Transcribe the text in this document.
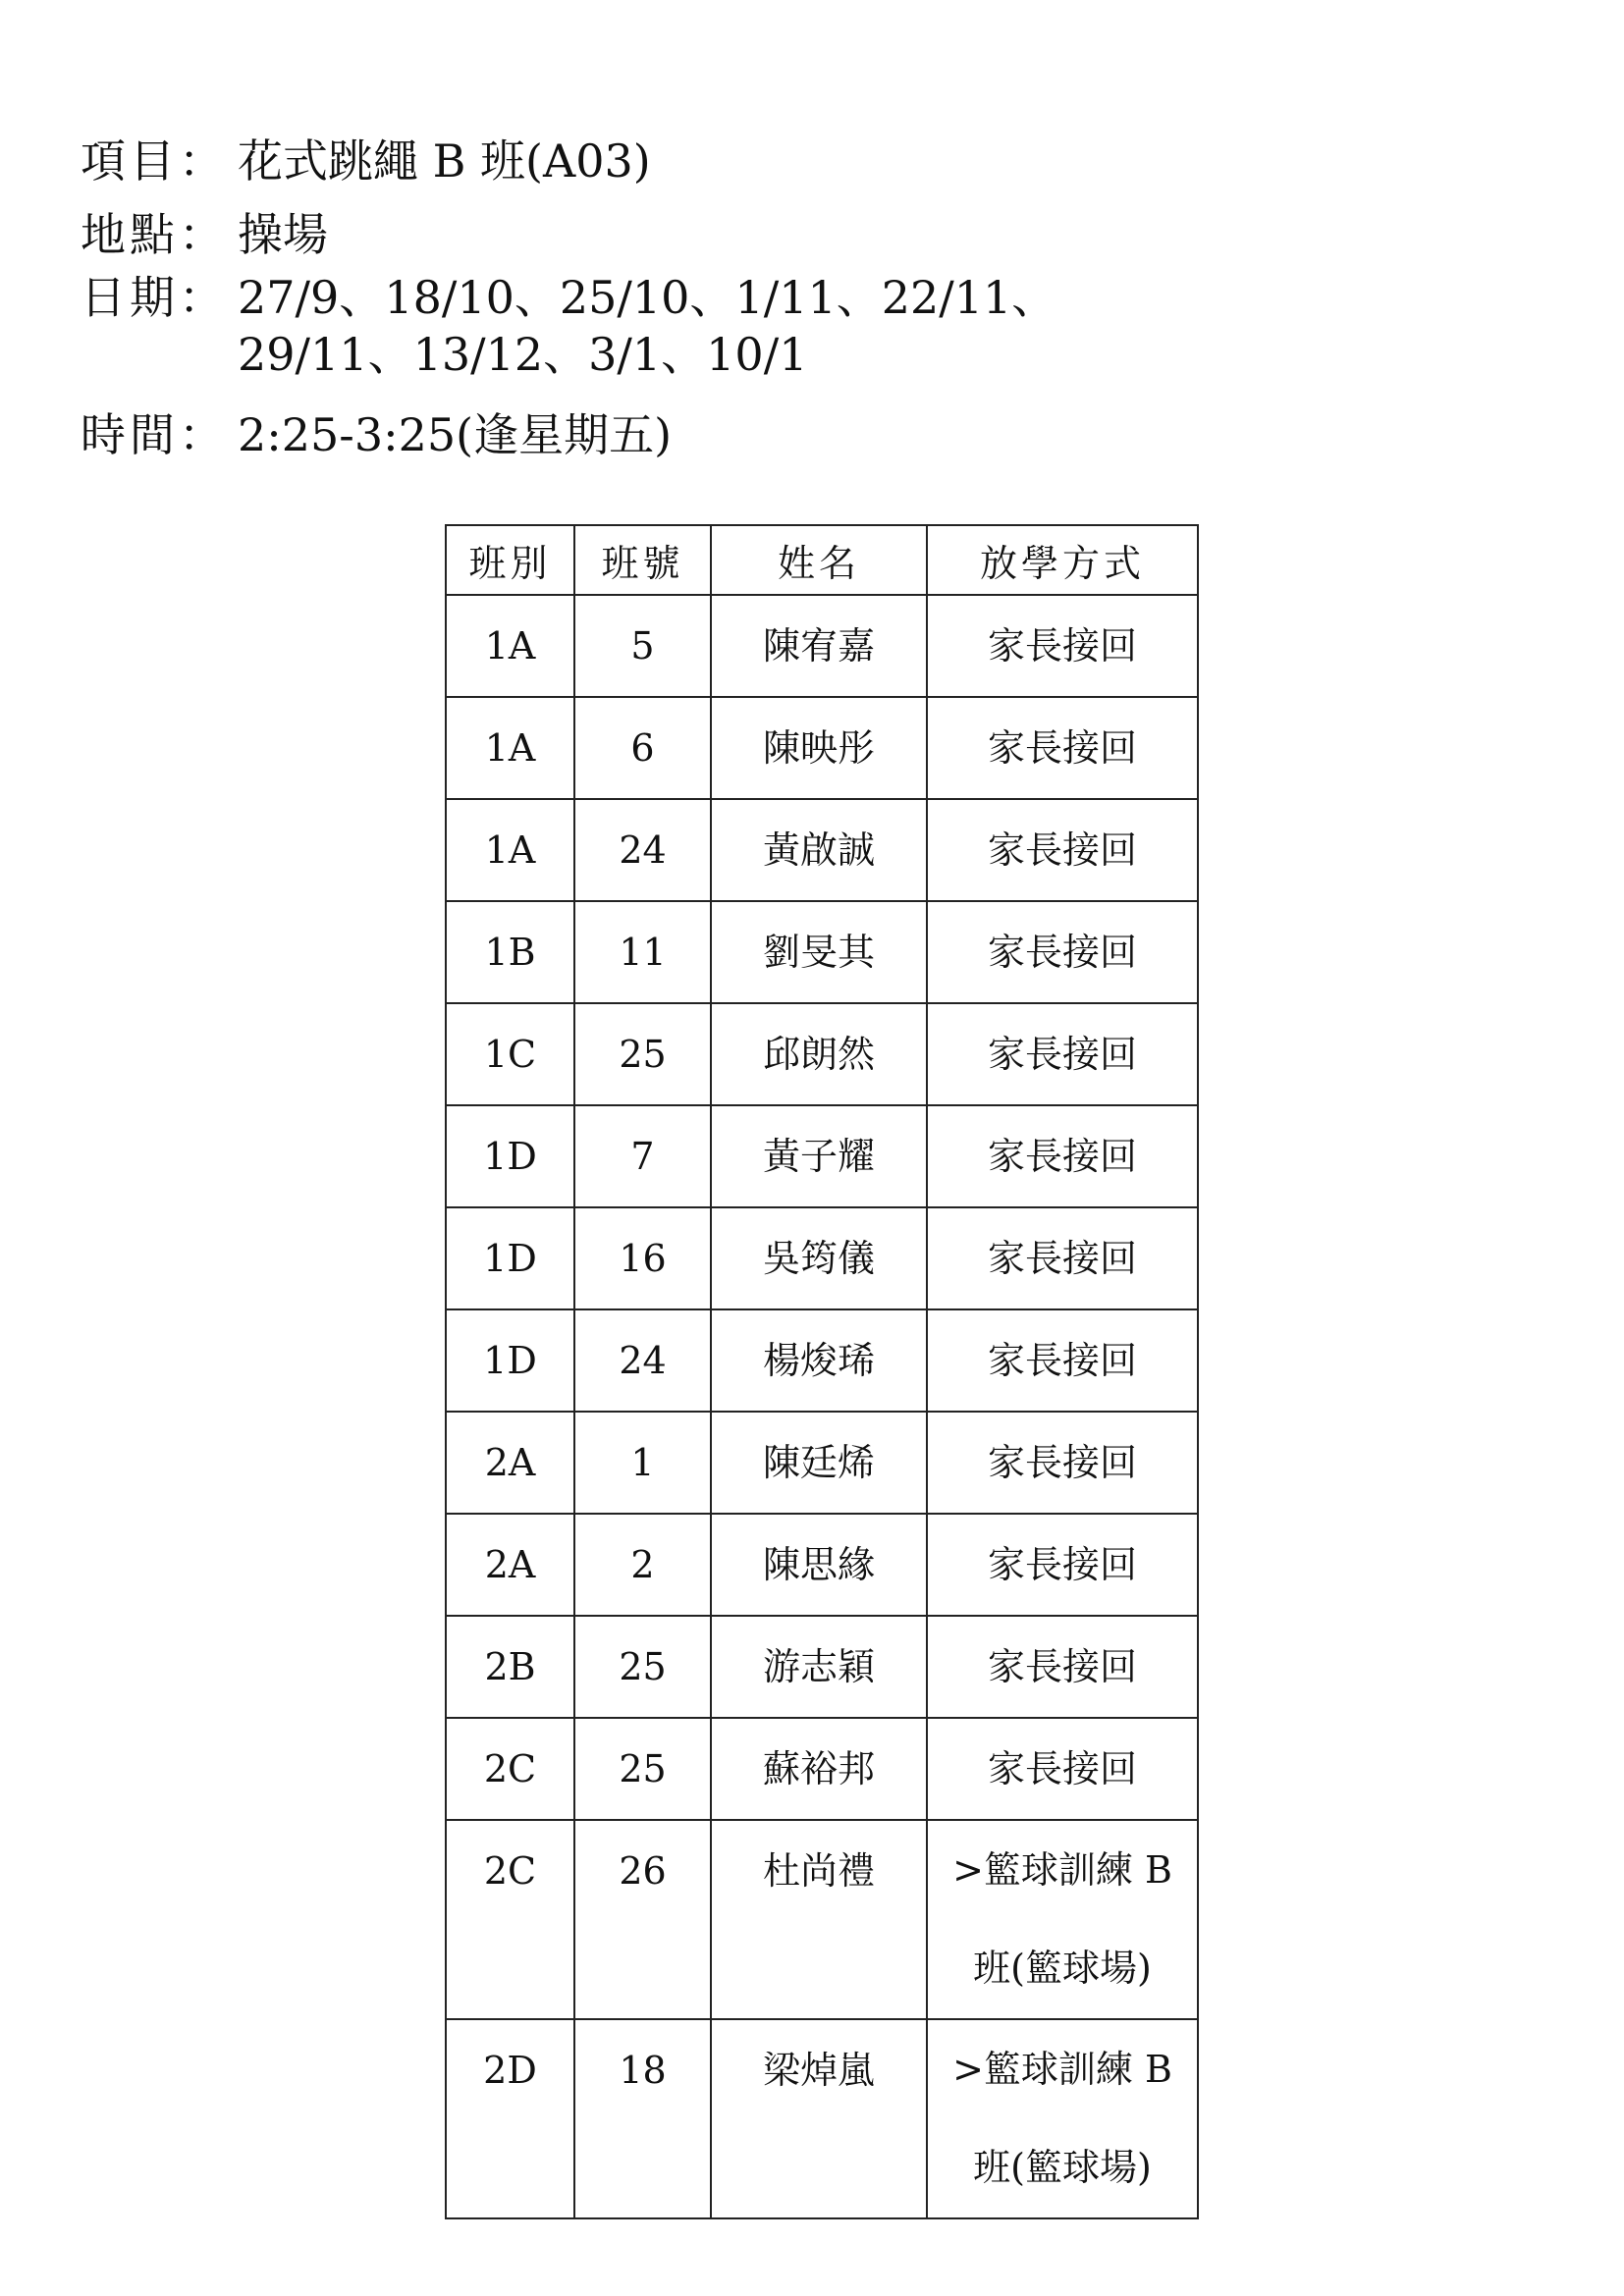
項目： 花式跳繩 B 班(A03)
地點： 操場
日期： 27/9、18/10、25/10、1/11、22/11、
29/11、13/12、3/1、10/1
時間： 2:25-3:25(逢星期五)
班別	班號	姓名	放學方式
1A	5	陳宥嘉	家長接回
1A	6	陳映彤	家長接回
1A	24	黃啟誠	家長接回
1B	11	劉旻其	家長接回
1C	25	邱朗然	家長接回
1D	7	黃子耀	家長接回
1D	16	吳筠儀	家長接回
1D	24	楊焌琋	家長接回
2A	1	陳廷烯	家長接回
2A	2	陳思緣	家長接回
2B	25	游志穎	家長接回
2C	25	蘇裕邦	家長接回
2C	26	杜尚禮	>籃球訓練 B
班(籃球場)

2D	18	梁焯嵐	>籃球訓練 B
班(籃球場)
